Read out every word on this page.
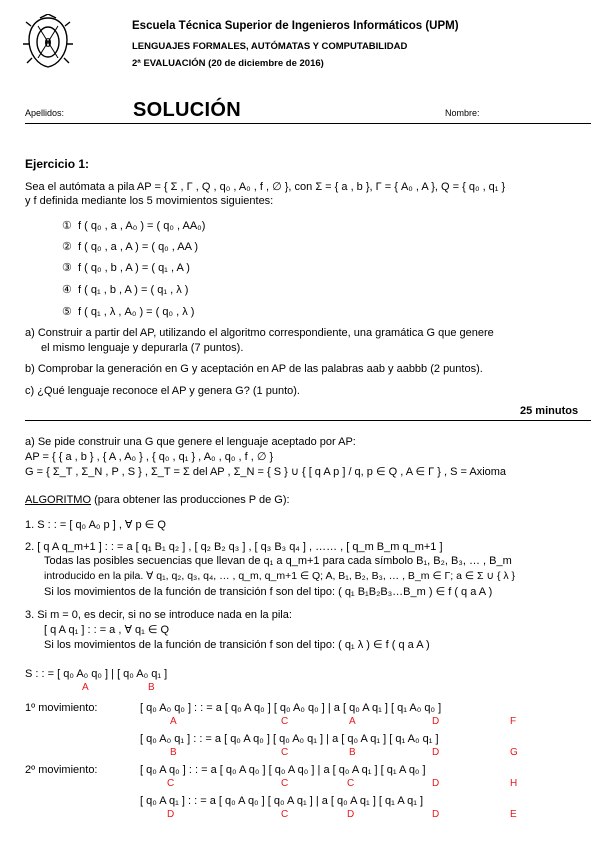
0
Escuela Técnica Superior de Ingenieros Informáticos (UPM)
LENGUAJES FORMALES, AUTÓMATAS Y COMPUTABILIDAD
2ª EVALUACIÓN (20 de diciembre de 2016)
Apellidos:	SOLUCIÓN	Nombre:
Ejercicio 1:
Sea el autómata a pila AP = { Σ , Γ , Q , q₀ , A₀ , f , ∅ }, con Σ = { a , b }, Γ = { A₀ , A }, Q = { q₀ , q₁ }
y f definida mediante los 5 movimientos siguientes:
① f ( q₀ , a , A₀ ) = ( q₀ , AA₀)
② f ( q₀ , a , A ) = ( q₀ , AA )
③ f ( q₀ , b , A ) = ( q₁ , A )
④ f ( q₁ , b , A ) = ( q₁ , λ )
⑤ f ( q₁ , λ , A₀ ) = ( q₀ , λ )
a) Construir a partir del AP, utilizando el algoritmo correspondiente, una gramática G que genere
el mismo lenguaje y depurarla (7 puntos).
b) Comprobar la generación en G y aceptación en AP de las palabras aab y aabbb (2 puntos).
c) ¿Qué lenguaje reconoce el AP y genera G? (1 punto).
25 minutos
a) Se pide construir una G que genere el lenguaje aceptado por AP:
AP = { { a , b } , { A , A₀ } , { q₀ , q₁ } , A₀ , q₀ , f , ∅ }
G = { Σ_T , Σ_N , P , S } , Σ_T = Σ del AP , Σ_N = { S } ∪ { [ q A p ] / q, p ∈ Q , A ∈ Γ } , S = Axioma
ALGORITMO (para obtener las producciones P de G):
1. S : : = [ q₀ A₀ p ] , ∀ p ∈ Q
2. [ q A q_m+1 ] : : = a [ q₁ B₁ q₂ ] , [ q₂ B₂ q₃ ] , [ q₃ B₃ q₄ ] , …… , [ q_m B_m q_m+1 ]
Todas las posibles secuencias que llevan de q₁ a q_m+1 para cada símbolo B₁, B₂, B₃, … , B_m
introducido en la pila. ∀ q₁, q₂, q₃, q₄, … , q_m, q_m+1 ∈ Q; A, B₁, B₂, B₃, … , B_m ∈ Γ; a ∈ Σ ∪ { λ }
Si los movimientos de la función de transición f son del tipo: ( q₁ B₁B₂B₃…B_m ) ∈ f ( q a A )
3. Si m = 0, es decir, si no se introduce nada en la pila:
[ q A q₁ ] : : = a , ∀ q₁ ∈ Q
Si los movimientos de la función de transición f son del tipo: ( q₁ λ ) ∈ f ( q a A )
S : : = [ q₀ A₀ q₀ ] | [ q₀ A₀ q₁ ]
A	B
1º movimiento:	[ q₀ A₀ q₀ ] : : = a [ q₀ A q₀ ] [ q₀ A₀ q₀ ] | a [ q₀ A q₁ ] [ q₁ A₀ q₀ ]
A	C	A	D	F
[ q₀ A₀ q₁ ] : : = a [ q₀ A q₀ ] [ q₀ A₀ q₁ ] | a [ q₀ A q₁ ] [ q₁ A₀ q₁ ]
B	C	B	D	G
2º movimiento:	[ q₀ A q₀ ] : : = a [ q₀ A q₀ ] [ q₀ A q₀ ] | a [ q₀ A q₁ ] [ q₁ A q₀ ]
C	C	C	D	H
[ q₀ A q₁ ] : : = a [ q₀ A q₀ ] [ q₀ A q₁ ] | a [ q₀ A q₁ ] [ q₁ A q₁ ]
D	C	D	D	E
